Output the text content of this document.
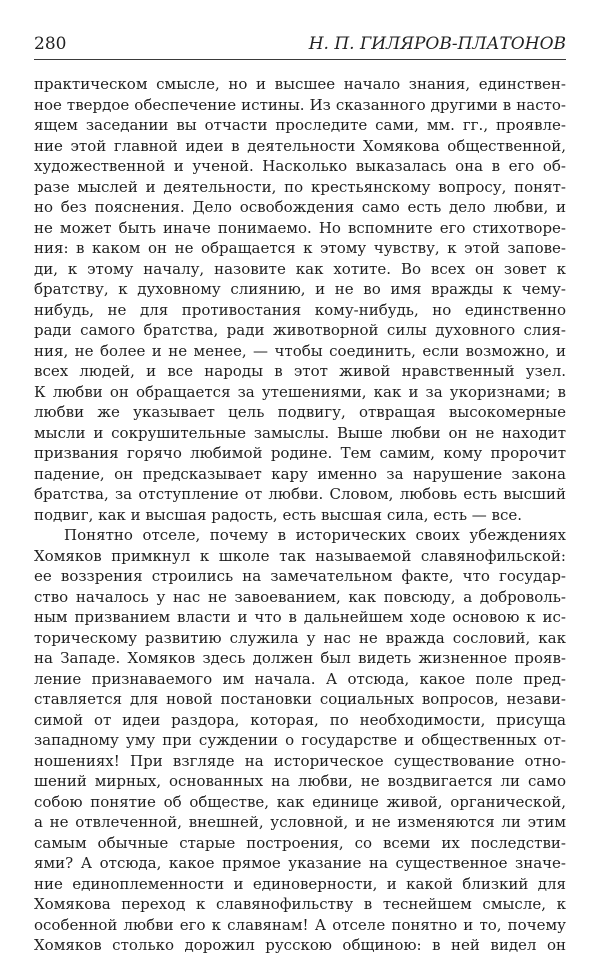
280	Н. П. ГИЛЯРОВ-ПЛАТОНОВ
практическом смысле, но и высшее начало знания, единствен-
ное твердое обеспечение истины. Из сказанного другими в насто-
ящем заседании вы отчасти проследите сами, мм. гг., проявле-
ние этой главной идеи в деятельности Хомякова общественной,
художественной и ученой. Насколько выказалась она в его об-
разе мыслей и деятельности, по крестьянскому вопросу, понят-
но без пояснения. Дело освобождения само есть дело любви, и
не может быть иначе понимаемо. Но вспомните его стихотворе-
ния: в каком он не обращается к этому чувству, к этой запове-
ди, к этому началу, назовите как хотите. Во всех он зовет к
братству, к духовному слиянию, и не во имя вражды к чему-
нибудь, не для противостания кому-нибудь, но единственно
ради самого братства, ради животворной силы духовного слия-
ния, не более и не менее, — чтобы соединить, если возможно, и
всех людей, и все народы в этот живой нравственный узел.
К любви он обращается за утешениями, как и за укоризнами; в
любви же указывает цель подвигу, отвращая высокомерные
мысли и сокрушительные замыслы. Выше любви он не находит
призвания горячо любимой родине. Тем самим, кому пророчит
падение, он предсказывает кару именно за нарушение закона
братства, за отступление от любви. Словом, любовь есть высший
подвиг, как и высшая радость, есть высшая сила, есть — все.
Понятно отселе, почему в исторических своих убеждениях
Хомяков примкнул к школе так называемой славянофильской:
ее воззрения строились на замечательном факте, что государ-
ство началось у нас не завоеванием, как повсюду, а доброволь-
ным призванием власти и что в дальнейшем ходе основою к ис-
торическому развитию служила у нас не вражда сословий, как
на Западе. Хомяков здесь должен был видеть жизненное прояв-
ление признаваемого им начала. А отсюда, какое поле пред-
ставляется для новой постановки социальных вопросов, незави-
симой от идеи раздора, которая, по необходимости, присуща
западному уму при суждении о государстве и общественных от-
ношениях! При взгляде на историческое существование отно-
шений мирных, основанных на любви, не воздвигается ли само
собою понятие об обществе, как единице живой, органической,
а не отвлеченной, внешней, условной, и не изменяются ли этим
самым обычные старые построения, со всеми их последстви-
ями? А отсюда, какое прямое указание на существенное значе-
ние единоплеменности и единоверности, и какой близкий для
Хомякова переход к славянофильству в теснейшем смысле, к
особенной любви его к славянам! А отселе понятно и то, почему
Хомяков столько дорожил русскою общиною: в ней видел он
